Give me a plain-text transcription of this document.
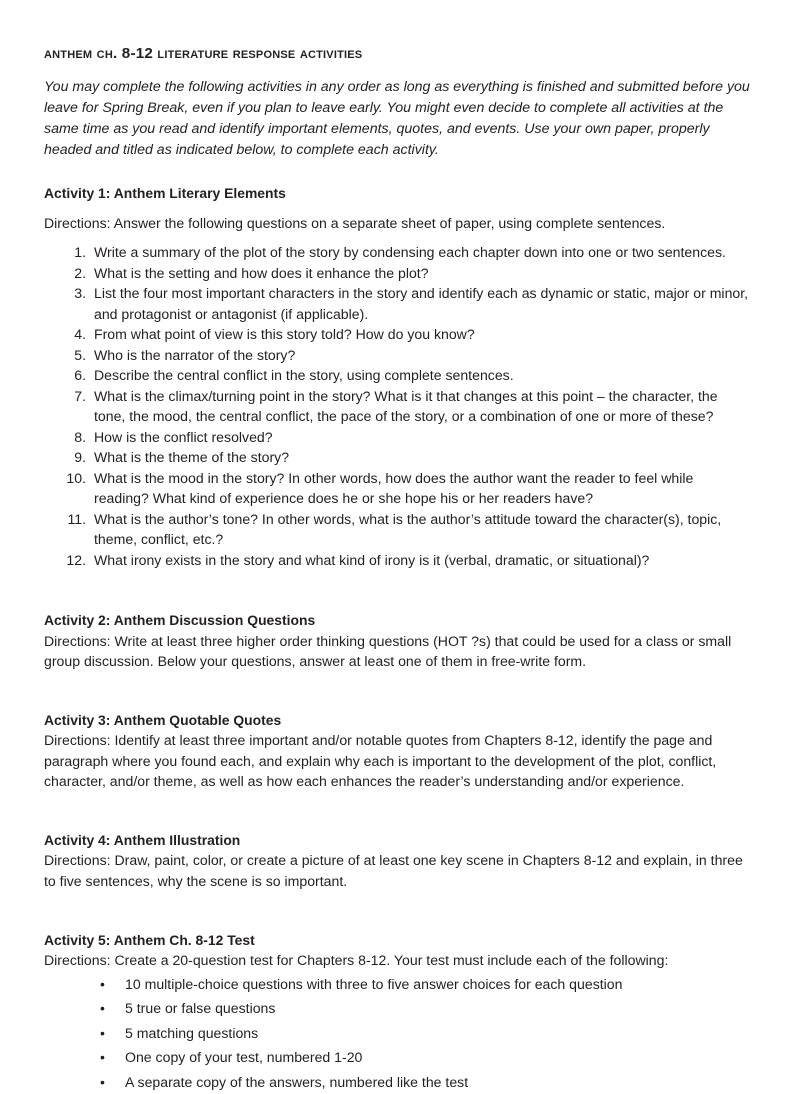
anthem ch. 8-12 literature response activities

You may complete the following activities in any order as long as everything is finished and submitted before you leave for Spring Break, even if you plan to leave early. You might even decide to complete all activities at the same time as you read and identify important elements, quotes, and events. Use your own paper, properly headed and titled as indicated below, to complete each activity.

Activity 1: Anthem Literary Elements
Directions: Answer the following questions on a separate sheet of paper, using complete sentences.
1. Write a summary of the plot of the story by condensing each chapter down into one or two sentences.
2. What is the setting and how does it enhance the plot?
3. List the four most important characters in the story and identify each as dynamic or static, major or minor, and protagonist or antagonist (if applicable).
4. From what point of view is this story told? How do you know?
5. Who is the narrator of the story?
6. Describe the central conflict in the story, using complete sentences.
7. What is the climax/turning point in the story? What is it that changes at this point – the character, the tone, the mood, the central conflict, the pace of the story, or a combination of one or more of these?
8. How is the conflict resolved?
9. What is the theme of the story?
10. What is the mood in the story? In other words, how does the author want the reader to feel while reading? What kind of experience does he or she hope his or her readers have?
11. What is the author’s tone? In other words, what is the author’s attitude toward the character(s), topic, theme, conflict, etc.?
12. What irony exists in the story and what kind of irony is it (verbal, dramatic, or situational)?
Activity 2: Anthem Discussion Questions
Directions: Write at least three higher order thinking questions (HOT ?s) that could be used for a class or small group discussion. Below your questions, answer at least one of them in free-write form.
Activity 3: Anthem Quotable Quotes
Directions: Identify at least three important and/or notable quotes from Chapters 8-12, identify the page and paragraph where you found each, and explain why each is important to the development of the plot, conflict, character, and/or theme, as well as how each enhances the reader’s understanding and/or experience.
Activity 4: Anthem Illustration
Directions: Draw, paint, color, or create a picture of at least one key scene in Chapters 8-12 and explain, in three to five sentences, why the scene is so important.
Activity 5: Anthem Ch. 8-12 Test
Directions: Create a 20-question test for Chapters 8-12. Your test must include each of the following:
• 10 multiple-choice questions with three to five answer choices for each question
• 5 true or false questions
• 5 matching questions
• One copy of your test, numbered 1-20
• A separate copy of the answers, numbered like the test
